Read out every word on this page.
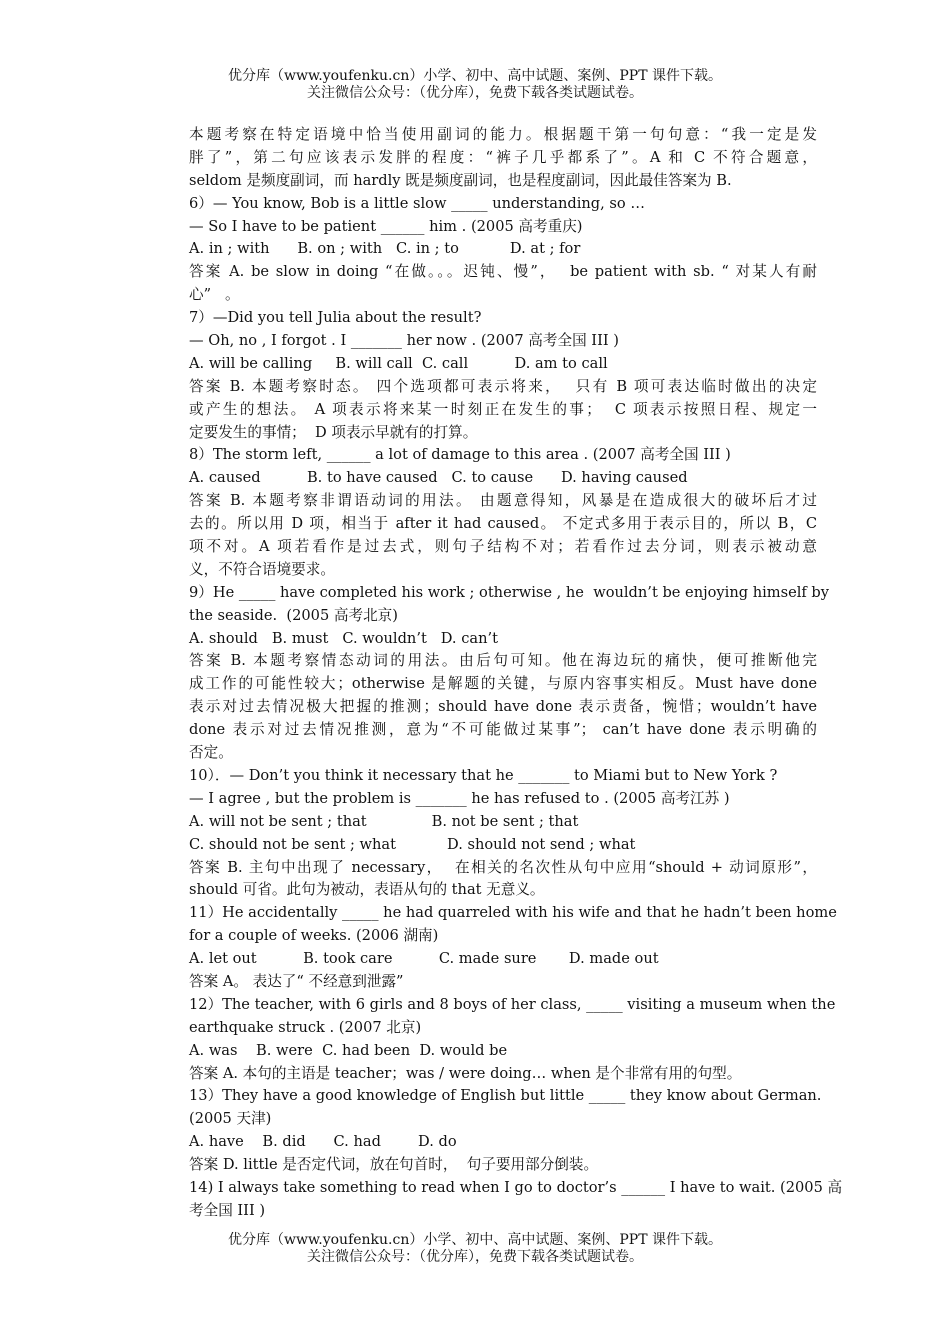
优分库（www.youfenku.cn）小学、初中、高中试题、案例、PPT 课件下载。
关注微信公众号：（优分库），免费下载各类试题试卷。
本题考察在特定语境中恰当使用副词的能力。根据题干第一句句意：“我一定是发
胖了”，第二句应该表示发胖的程度：“裤子几乎都系了”。A 和 C 不符合题意，
seldom 是频度副词，而 hardly 既是频度副词，也是程度副词，因此最佳答案为 B.
6）— You know, Bob is a little slow _____ understanding, so …
— So I have to be patient ______ him . (2005 高考重庆)
A. in ; with      B. on ; with   C. in ; to           D. at ; for
答案 A. be slow in doing “在做。。。迟钝、慢”，  be patient with sb. “ 对某人有耐
心”   。
7）—Did you tell Julia about the result?
— Oh, no , I forgot . I _______ her now . (2007 高考全国 III )
A. will be calling     B. will call  C. call          D. am to call
答案 B. 本题考察时态。 四个选项都可表示将来，  只有 B 项可表达临时做出的决定
或产生的想法。 A 项表示将来某一时刻正在发生的事；  C 项表示按照日程、规定一
定要发生的事情；  D 项表示早就有的打算。
8）The storm left, ______ a lot of damage to this area . (2007 高考全国 III )
A. caused          B. to have caused   C. to cause      D. having caused
答案 B. 本题考察非谓语动词的用法。 由题意得知，风暴是在造成很大的破坏后才过
去的。所以用 D 项，相当于 after it had caused。 不定式多用于表示目的，所以 B，C
项不对。A 项若看作是过去式，则句子结构不对；若看作过去分词，则表示被动意
义，不符合语境要求。
9）He _____ have completed his work ; otherwise , he  wouldn’t be enjoying himself by
the seaside.  (2005 高考北京)
A. should   B. must   C. wouldn’t   D. can’t
答案 B. 本题考察情态动词的用法。由后句可知。他在海边玩的痛快，便可推断他完
成工作的可能性较大；otherwise 是解题的关键，与原内容事实相反。Must have done
表示对过去情况极大把握的推测；should have done 表示责备，惋惜；wouldn’t have
done 表示对过去情况推测，意为“不可能做过某事”； can’t have done 表示明确的
否定。
10）．— Don’t you think it necessary that he _______ to Miami but to New York ?
— I agree , but the problem is _______ he has refused to . (2005 高考江苏 )
A. will not be sent ; that              B. not be sent ; that
C. should not be sent ; what           D. should not send ; what
答案 B. 主句中出现了 necessary，  在相关的名次性从句中应用“should + 动词原形”，
should 可省。此句为被动，表语从句的 that 无意义。
11）He accidentally _____ he had quarreled with his wife and that he hadn’t been home
for a couple of weeks. (2006 湖南)
A. let out          B. took care          C. made sure       D. made out
答案 A。 表达了“ 不经意到泄露”
12）The teacher, with 6 girls and 8 boys of her class, _____ visiting a museum when the
earthquake struck . (2007 北京)
A. was    B. were  C. had been  D. would be
答案 A. 本句的主语是 teacher；was / were doing… when 是个非常有用的句型。
13）They have a good knowledge of English but little _____ they know about German.
(2005 天津)
A. have    B. did      C. had        D. do
答案 D. little 是否定代词，放在句首时，  句子要用部分倒装。
14) I always take something to read when I go to doctor’s ______ I have to wait. (2005 高
考全国 III )
优分库（www.youfenku.cn）小学、初中、高中试题、案例、PPT 课件下载。
关注微信公众号：（优分库），免费下载各类试题试卷。
